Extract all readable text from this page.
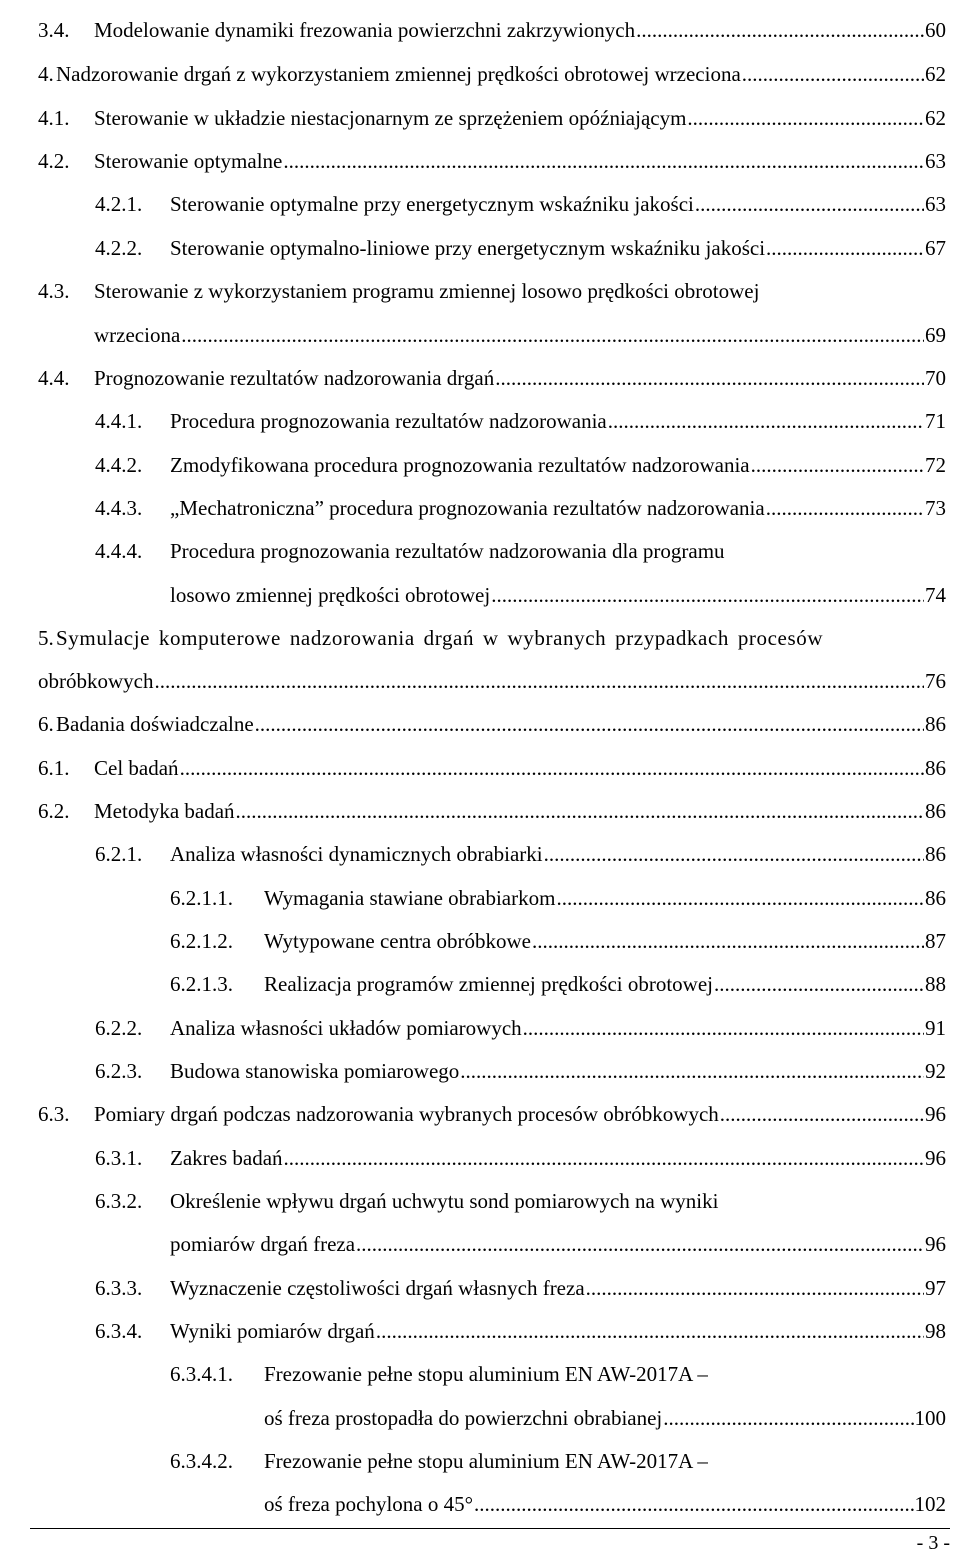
3.4. Modelowanie dynamiki frezowania powierzchni zakrzywionych .....	60
4. Nadzorowanie drgań z wykorzystaniem zmiennej prędkości obrotowej wrzeciona .....	62
4.1. Sterowanie w układzie niestacjonarnym ze sprzężeniem opóźniającym .....	62
4.2. Sterowanie optymalne .....	63
4.2.1. Sterowanie optymalne przy energetycznym wskaźniku jakości .....	63
4.2.2. Sterowanie optymalno-liniowe przy energetycznym wskaźniku jakości .....	67
4.3. Sterowanie z wykorzystaniem programu zmiennej losowo prędkości obrotowej
wrzeciona .....	69
4.4. Prognozowanie rezultatów nadzorowania drgań .....	70
4.4.1. Procedura prognozowania rezultatów nadzorowania .....	71
4.4.2. Zmodyfikowana procedura prognozowania rezultatów nadzorowania .....	72
4.4.3. „Mechatroniczna” procedura prognozowania rezultatów nadzorowania .....	73
4.4.4. Procedura prognozowania rezultatów nadzorowania dla programu
losowo zmiennej prędkości obrotowej .....	74
5. Symulacje komputerowe nadzorowania drgań w wybranych przypadkach procesów
obróbkowych .....	76
6. Badania doświadczalne .....	86
6.1. Cel badań .....	86
6.2. Metodyka badań .....	86
6.2.1. Analiza własności dynamicznych obrabiarki .....	86
6.2.1.1. Wymagania stawiane obrabiarkom .....	86
6.2.1.2. Wytypowane centra obróbkowe .....	87
6.2.1.3. Realizacja programów zmiennej prędkości obrotowej .....	88
6.2.2. Analiza własności układów pomiarowych .....	91
6.2.3. Budowa stanowiska pomiarowego .....	92
6.3. Pomiary drgań podczas nadzorowania wybranych procesów obróbkowych .....	96
6.3.1. Zakres badań .....	96
6.3.2. Określenie wpływu drgań uchwytu sond pomiarowych na wyniki
pomiarów drgań freza .....	96
6.3.3. Wyznaczenie częstoliwości drgań własnych freza .....	97
6.3.4. Wyniki pomiarów drgań .....	98
6.3.4.1. Frezowanie pełne stopu aluminium EN AW-2017A –
oś freza prostopadła do powierzchni obrabianej .....	100
6.3.4.2. Frezowanie pełne stopu aluminium EN AW-2017A –
oś freza pochylona o 45° .....	102
- 3 -
